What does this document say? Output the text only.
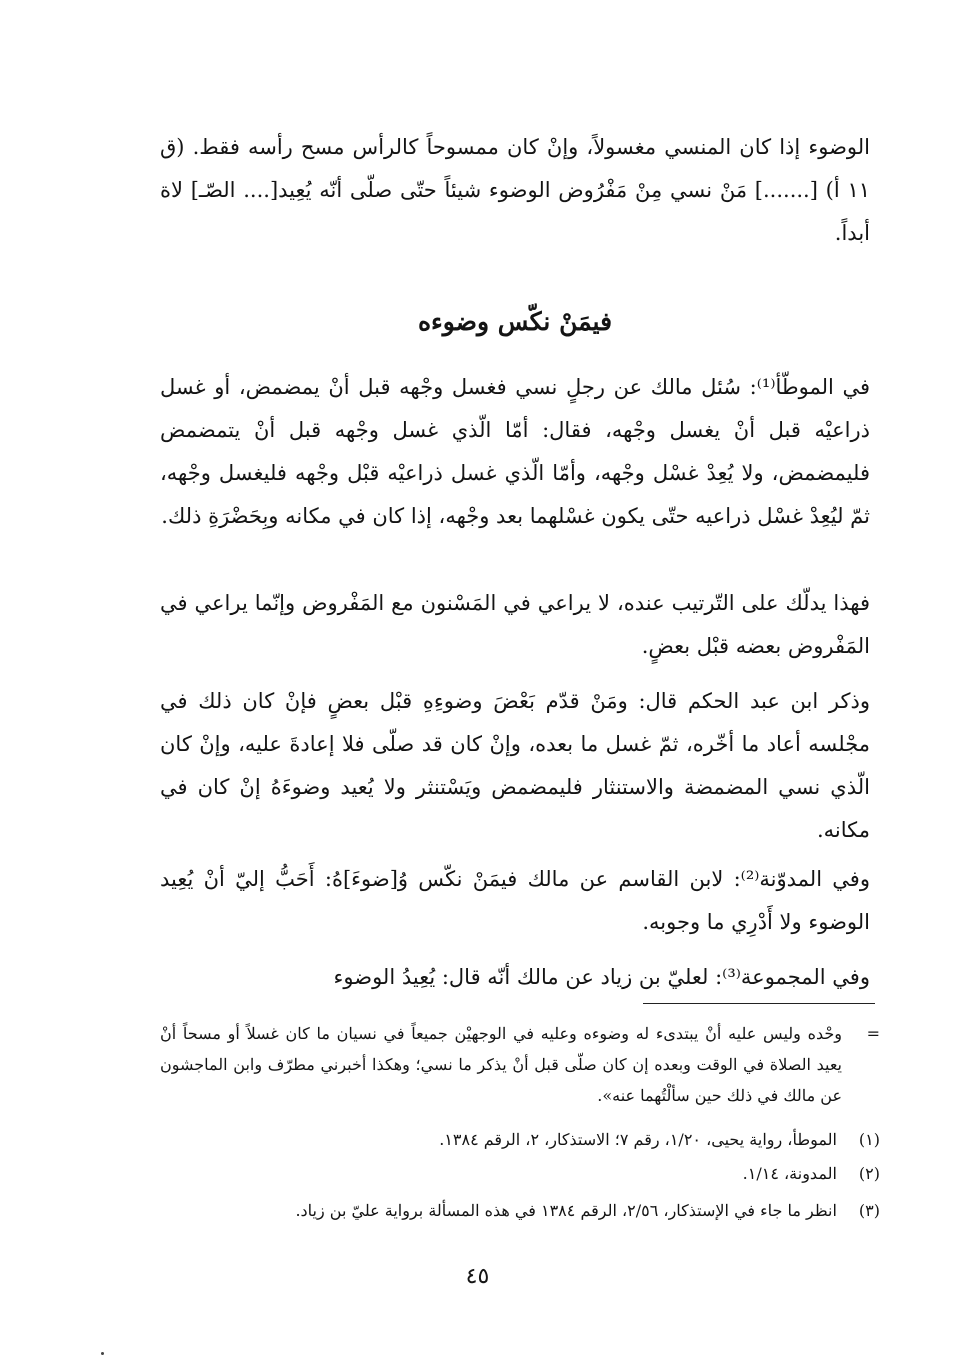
الوضوء إذا كان المنسي مغسولاً، وإنْ كان ممسوحاً كالرأس مسح رأسه فقط. (ق ١١ أ) [.......] مَنْ نسي مِنْ مَفْرُوض الوضوء شيئاً حتّى صلّى أنّه يُعِيد[.... الصّـ] لاة أبداً.
فيمَنْ نكّس وضوءه
في الموطّأ⁽¹⁾: سُئل مالك عن رجلٍ نسي فغسل وجْهه قبل أنْ يمضمض، أو غسل ذراعيْه قبل أنْ يغسل وجْهه، فقال: أمّا الّذي غسل وجْهه قبل أنْ يتمضمض فليمضمض، ولا يُعِدْ غسْل وجْهه، وأمّا الّذي غسل ذراعيْه قبْل وجْهه فليغسل وجْهه، ثمّ ليُعِدْ غسْل ذراعيه حتّى يكون غسْلهما بعد وجْهه، إذا كان في مكانه وبِحَضْرَةِ ذلك.
فهذا يدلّك على التّرتيب عنده، لا يراعي في المَسْنون مع المَفْروض وإنّما يراعي في المَفْروض بعضه قبْل بعضٍ.
وذكر ابن عبد الحكم قال: ومَنْ قدّم بَعْضَ وضوءِهِ قبْل بعضٍ فإنْ كان ذلك في مجْلسه أعاد ما أخّره، ثمّ غسل ما بعده، وإنْ كان قد صلّى فلا إعادةَ عليه، وإنْ كان الّذي نسي المضمضة والاستنثار فليمضمض ويَسْتنثر ولا يُعيد وضوءَهُ إنْ كان في مكانه.
وفي المدوّنة⁽²⁾: لابن القاسم عن مالك فيمَنْ نكّس وُ[ضوءَ]هُ: أَحَبُّ إليّ أنْ يُعِيد الوضوء ولا أَدْرِي ما وجوبه.
وفي المجموعة⁽³⁾: لعليّ بن زياد عن مالك أنّه قال: يُعِيدُ الوضوء
=
وحْده وليس عليه أنْ يبتدىء له وضوءه وعليه في الوجهيْن جميعاً في نسيان ما كان غسلاً أو مسحاً أنْ يعيد الصلاة في الوقت وبعده إن كان صلّى قبل أنْ يذكر ما نسي؛ وهكذا أخبرني مطرّف وابن الماجشون عن مالك في ذلك حين سألْتُهما عنه».
(١) الموطأ، رواية يحيى، ١/٢٠، رقم ٧؛ الاستذكار، ٢، الرقم ١٣٨٤.
(٢) المدونة، ١/١٤.
(٣) انظر ما جاء في الإستذكار، ٢/٥٦، الرقم ١٣٨٤ في هذه المسألة برواية عليّ بن زياد.
٤٥
